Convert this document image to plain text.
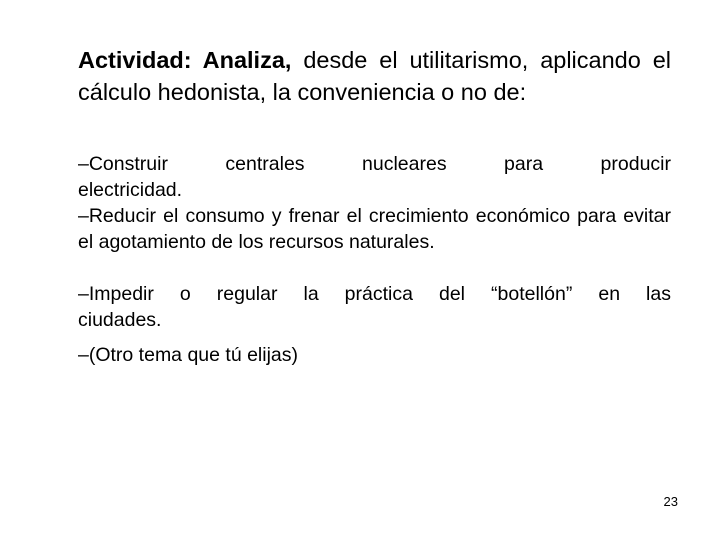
Actividad: Analiza, desde el utilitarismo, aplicando el cálculo hedonista, la conveniencia o no de:

–Construir centrales nucleares para producir
electricidad.

–Reducir el consumo y frenar el crecimiento económico para evitar el agotamiento de los recursos naturales.

–Impedir o regular la práctica del “botellón” en las
ciudades.

–(Otro tema que tú elijas)

23
